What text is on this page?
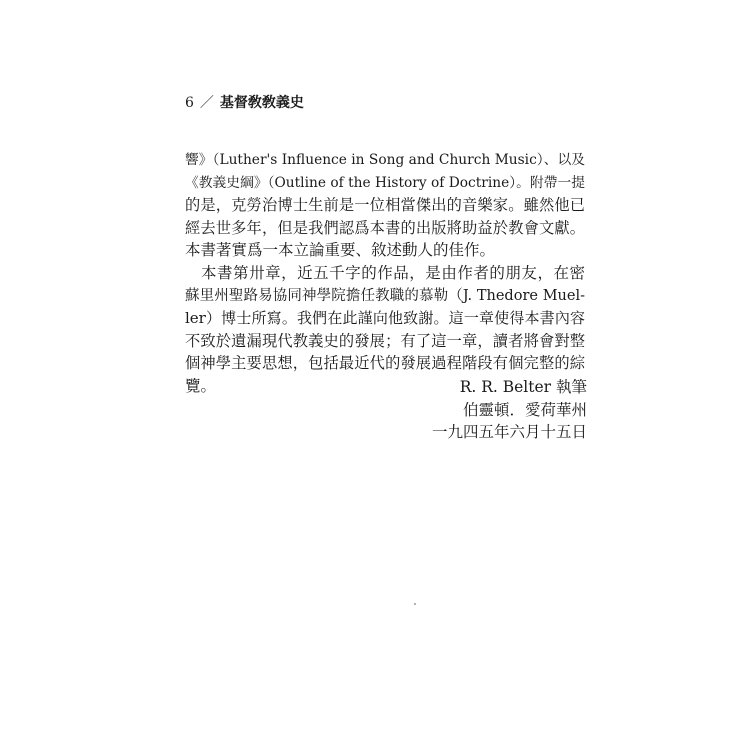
6 ／ 基督敎敎義史
響》（Luther's Influence in Song and Church Music）、以及
《教義史綱》（Outline of the History of Doctrine）。附帶一提
的是，克勞治博士生前是一位相當傑出的音樂家。雖然他已
經去世多年，但是我們認爲本書的出版將助益於教會文獻。
本書著實爲一本立論重要、敘述動人的佳作。
　本書第卅章，近五千字的作品，是由作者的朋友，在密
蘇里州聖路易協同神學院擔任教職的慕勒（J. Thedore Muel-
ler）博士所寫。我們在此謹向他致謝。這一章使得本書內容
不致於遺漏現代教義史的發展；有了這一章，讀者將會對整
個神學主要思想，包括最近代的發展過程階段有個完整的綜
覽。	R. R. Belter 執筆
伯靈頓．愛荷華州
一九四五年六月十五日
